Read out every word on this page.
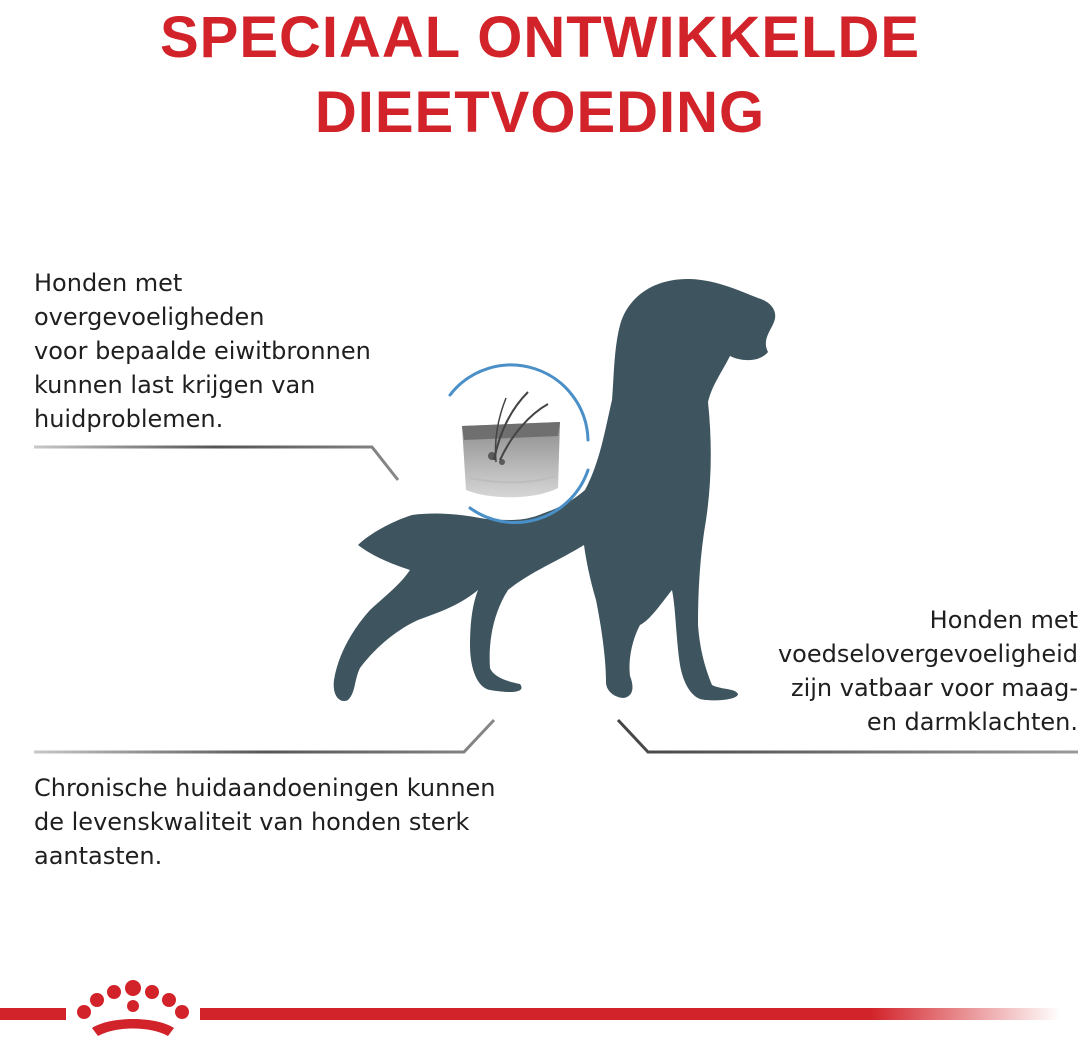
SPECIAAL ONTWIKKELDE
DIEETVOEDING

Honden met
overgevoeligheden
voor bepaalde eiwitbronnen
kunnen last krijgen van
huidproblemen.

Chronische huidaandoeningen kunnen
de levenskwaliteit van honden sterk
aantasten.

Honden met
voedselovergevoeligheid
zijn vatbaar voor maag-
en darmklachten.
